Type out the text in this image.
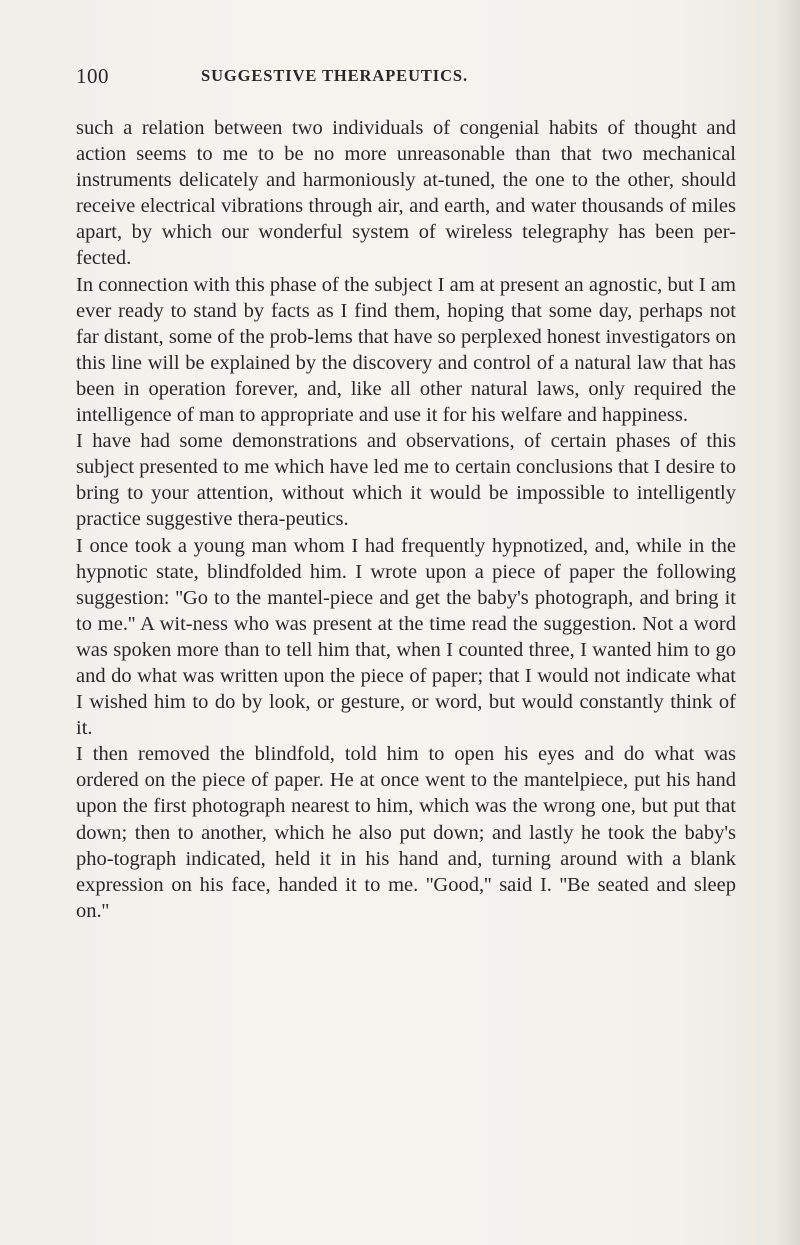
100	SUGGESTIVE THERAPEUTICS.

such a relation between two individuals of congenial habits of thought and action seems to me to be no more unreasonable than that two mechanical instruments delicately and harmoniously at-tuned, the one to the other, should receive electrical vibrations through air, and earth, and water thousands of miles apart, by which our wonderful system of wireless telegraphy has been per-fected.

In connection with this phase of the subject I am at present an agnostic, but I am ever ready to stand by facts as I find them, hoping that some day, perhaps not far distant, some of the prob-lems that have so perplexed honest investigators on this line will be explained by the discovery and control of a natural law that has been in operation forever, and, like all other natural laws, only required the intelligence of man to appropriate and use it for his welfare and happiness.

I have had some demonstrations and observations, of certain phases of this subject presented to me which have led me to certain conclusions that I desire to bring to your attention, without which it would be impossible to intelligently practice suggestive thera-peutics.

I once took a young man whom I had frequently hypnotized, and, while in the hypnotic state, blindfolded him. I wrote upon a piece of paper the following suggestion: ''Go to the mantel-piece and get the baby's photograph, and bring it to me.'' A wit-ness who was present at the time read the suggestion. Not a word was spoken more than to tell him that, when I counted three, I wanted him to go and do what was written upon the piece of paper; that I would not indicate what I wished him to do by look, or gesture, or word, but would constantly think of it.

I then removed the blindfold, told him to open his eyes and do what was ordered on the piece of paper. He at once went to the mantelpiece, put his hand upon the first photograph nearest to him, which was the wrong one, but put that down; then to another, which he also put down; and lastly he took the baby's pho-tograph indicated, held it in his hand and, turning around with a blank expression on his face, handed it to me. ''Good,'' said I. ''Be seated and sleep on.''
